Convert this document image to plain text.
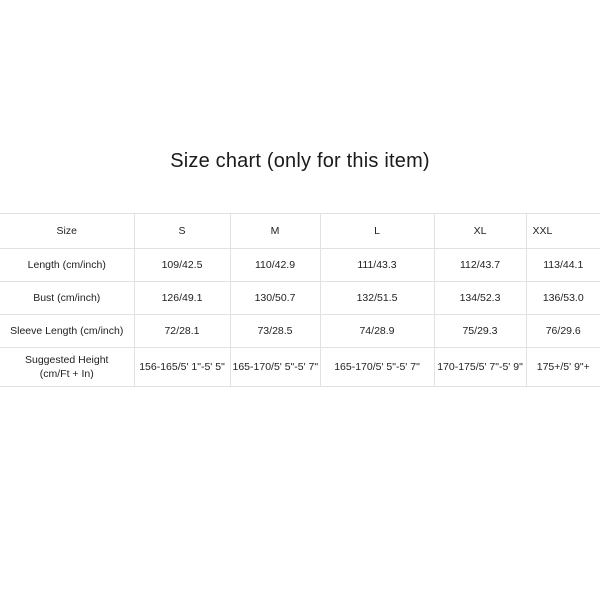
Size chart (only for this item)
Size	S	M	L	XL	XXL
Length (cm/inch)	109/42.5	110/42.9	111/43.3	112/43.7	113/44.1
Bust (cm/inch)	126/49.1	130/50.7	132/51.5	134/52.3	136/53.0
Sleeve Length (cm/inch)	72/28.1	73/28.5	74/28.9	75/29.3	76/29.6

Suggested Height
(cm/Ft + In)	156-165/5' 1"-5' 5"	165-170/5' 5"-5' 7"	165-170/5' 5"-5' 7"	170-175/5' 7"-5' 9"	175+/5' 9"+
